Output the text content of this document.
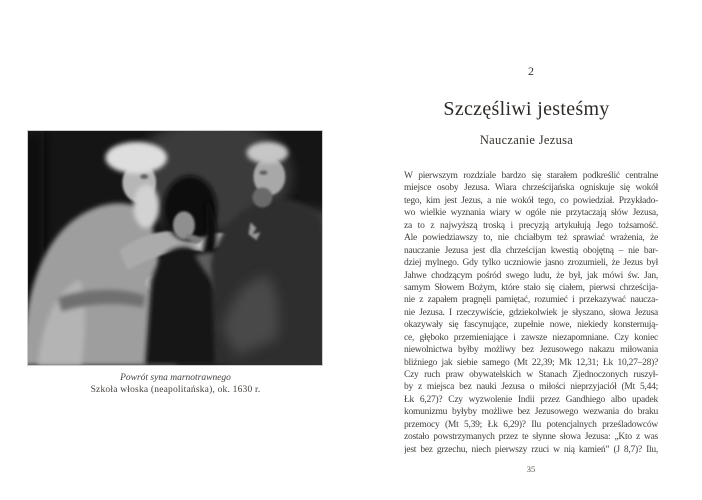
Powrót syna marnotrawnego
Szkoła włoska (neapolitańska), ok. 1630 r.
2
Szczęśliwi jesteśmy
Nauczanie Jezusa
W pierwszym rozdziale bardzo się starałem podkreślić centralne
miejsce osoby Jezusa. Wiara chrześcijańska ogniskuje się wokół
tego, kim jest Jezus, a nie wokół tego, co powiedział. Przykłado-
wo wielkie wyznania wiary w ogóle nie przytaczają słów Jezusa,
za to z najwyższą troską i precyzją artykułują Jego tożsamość.
Ale powiedziawszy to, nie chciałbym też sprawiać wrażenia, że
nauczanie Jezusa jest dla chrześcijan kwestią obojętną – nie bar-
dziej mylnego. Gdy tylko uczniowie jasno zrozumieli, że Jezus był
Jahwe chodzącym pośród swego ludu, że był, jak mówi św. Jan,
samym Słowem Bożym, które stało się ciałem, pierwsi chrześcija-
nie z zapałem pragnęli pamiętać, rozumieć i przekazywać naucza-
nie Jezusa. I rzeczywiście, gdziekolwiek je słyszano, słowa Jezusa
okazywały się fascynujące, zupełnie nowe, niekiedy konsternują-
ce, głęboko przemieniające i zawsze niezapomniane. Czy koniec
niewolnictwa byłby możliwy bez Jezusowego nakazu miłowania
bliźniego jak siebie samego (Mt 22,39; Mk 12,31; Łk 10,27–28)?
Czy ruch praw obywatelskich w Stanach Zjednoczonych ruszył-
by z miejsca bez nauki Jezusa o miłości nieprzyjaciół (Mt 5,44;
Łk 6,27)? Czy wyzwolenie Indii przez Gandhiego albo upadek
komunizmu byłyby możliwe bez Jezusowego wezwania do braku
przemocy (Mt 5,39; Łk 6,29)? Ilu potencjalnych prześladowców
zostało powstrzymanych przez te słynne słowa Jezusa: „Kto z was
jest bez grzechu, niech pierwszy rzuci w nią kamień” (J 8,7)? Ilu,
35
